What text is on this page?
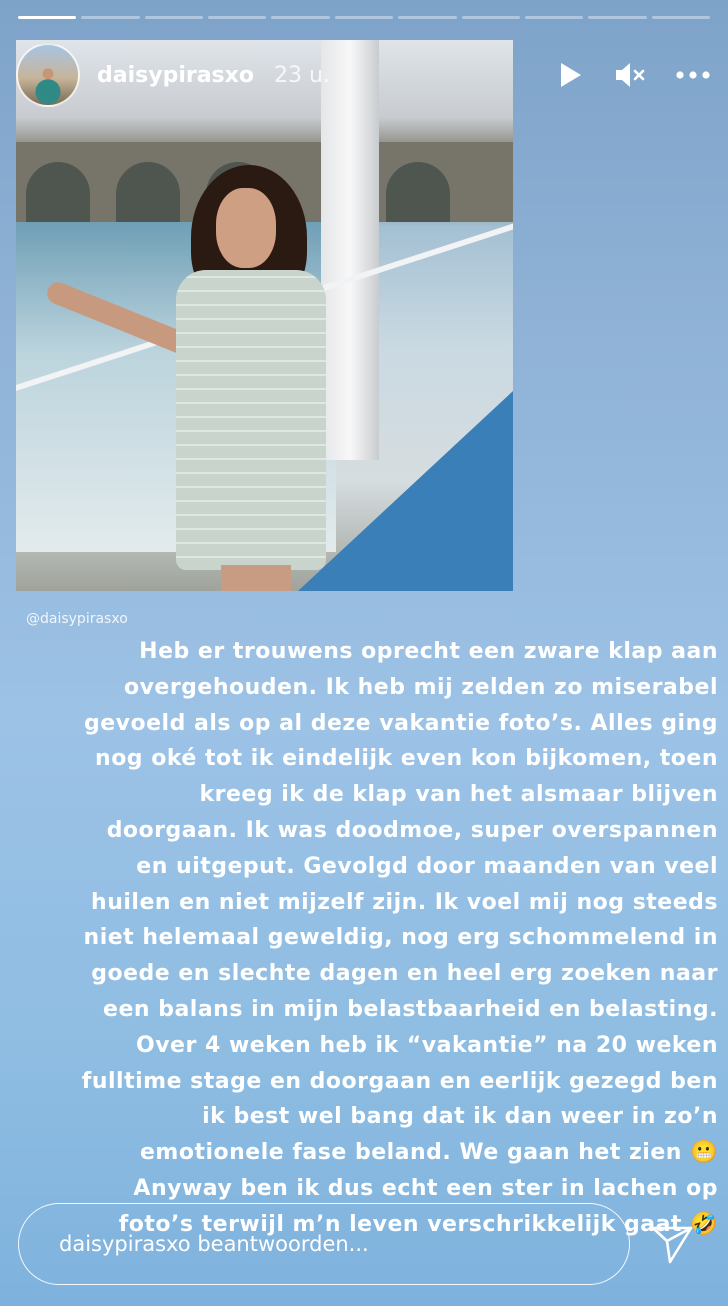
daisypirasxo 23 u.
@daisypirasxo
Heb er trouwens oprecht een zware klap aan
overgehouden. Ik heb mij zelden zo miserabel
gevoeld als op al deze vakantie foto’s. Alles ging
nog oké tot ik eindelijk even kon bijkomen, toen
kreeg ik de klap van het alsmaar blijven
doorgaan. Ik was doodmoe, super overspannen
en uitgeput. Gevolgd door maanden van veel
huilen en niet mijzelf zijn. Ik voel mij nog steeds
niet helemaal geweldig, nog erg schommelend in
goede en slechte dagen en heel erg zoeken naar
een balans in mijn belastbaarheid en belasting.
Over 4 weken heb ik “vakantie” na 20 weken
fulltime stage en doorgaan en eerlijk gezegd ben
ik best wel bang dat ik dan weer in zo’n
emotionele fase beland. We gaan het zien 😬
Anyway ben ik dus echt een ster in lachen op
foto’s terwijl m’n leven verschrikkelijk gaat 🤣
daisypirasxo beantwoorden...
